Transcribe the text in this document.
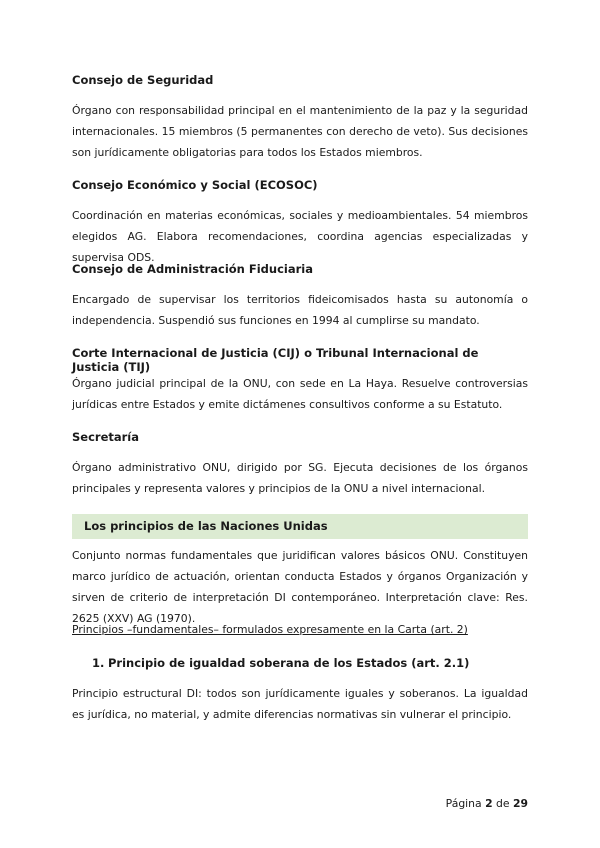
Consejo de Seguridad

Órgano con responsabilidad principal en el mantenimiento de la paz y la seguridad internacionales. 15 miembros (5 permanentes con derecho de veto). Sus decisiones son jurídicamente obligatorias para todos los Estados miembros.

Consejo Económico y Social (ECOSOC)

Coordinación en materias económicas, sociales y medioambientales. 54 miembros elegidos AG. Elabora recomendaciones, coordina agencias especializadas y supervisa ODS.

Consejo de Administración Fiduciaria

Encargado de supervisar los territorios fideicomisados hasta su autonomía o independencia. Suspendió sus funciones en 1994 al cumplirse su mandato.

Corte Internacional de Justicia (CIJ) o Tribunal Internacional de Justicia (TIJ)

Órgano judicial principal de la ONU, con sede en La Haya. Resuelve controversias jurídicas entre Estados y emite dictámenes consultivos conforme a su Estatuto.

Secretaría

Órgano administrativo ONU, dirigido por SG. Ejecuta decisiones de los órganos principales y representa valores y principios de la ONU a nivel internacional.

Los principios de las Naciones Unidas

Conjunto normas fundamentales que juridifican valores básicos ONU. Constituyen marco jurídico de actuación, orientan conducta Estados y órganos Organización y sirven de criterio de interpretación DI contemporáneo. Interpretación clave: Res. 2625 (XXV) AG (1970).

Principios –fundamentales– formulados expresamente en la Carta (art. 2)

1. Principio de igualdad soberana de los Estados (art. 2.1)

Principio estructural DI: todos son jurídicamente iguales y soberanos. La igualdad es jurídica, no material, y admite diferencias normativas sin vulnerar el principio.

Página 2 de 29
